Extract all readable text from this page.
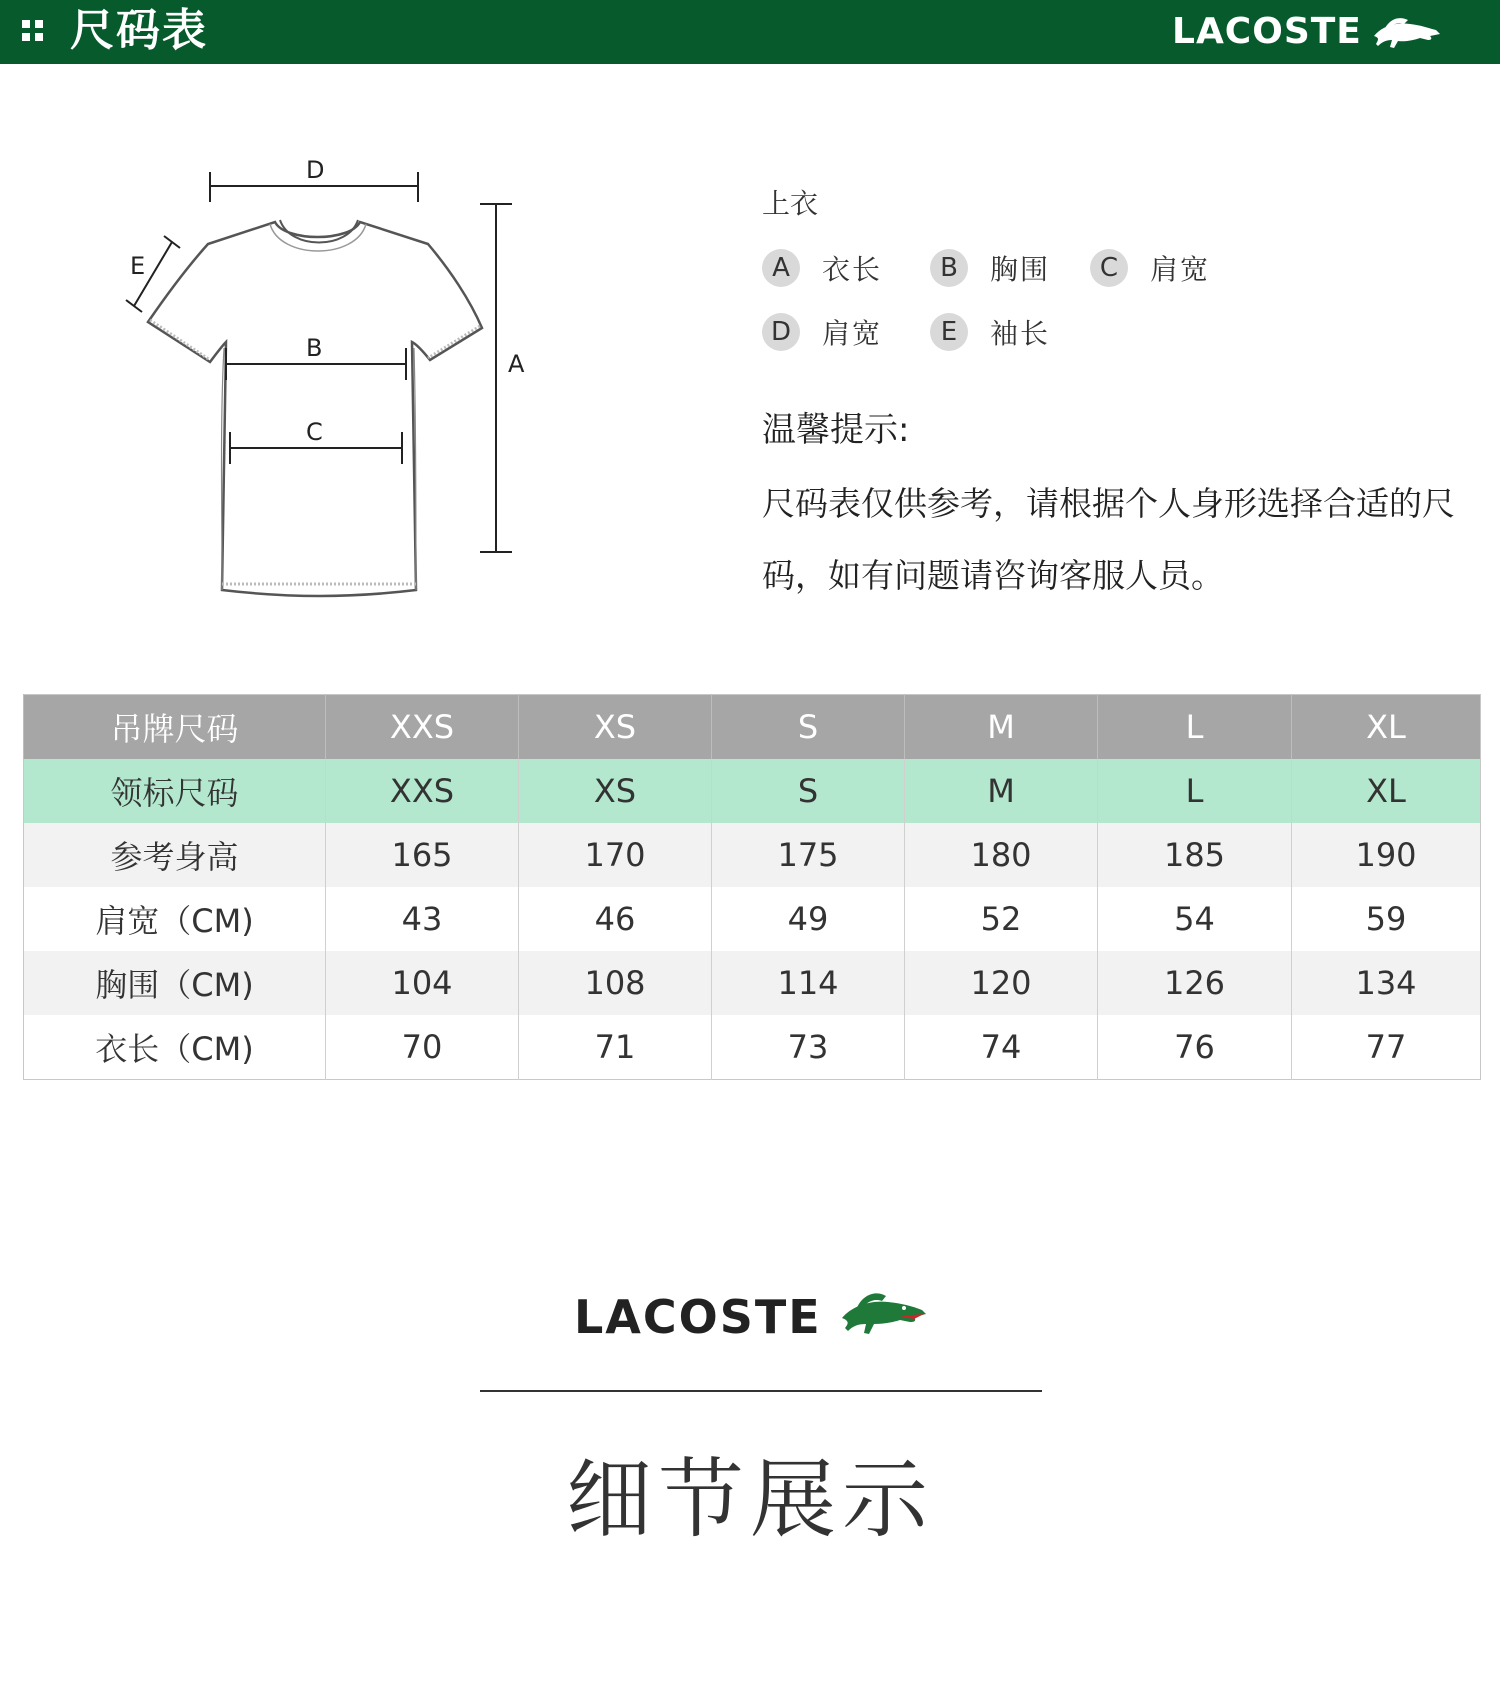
尺码表	LACOSTE
D
B
C
A
E
上衣
A	衣长	B	胸围	C	肩宽
D	肩宽	E	袖长
温馨提示:
尺码表仅供参考，请根据个人身形选择合适的尺码，如有问题请咨询客服人员。
吊牌尺码	XXS	XS	S	M	L	XL
领标尺码	XXS	XS	S	M	L	XL
参考身高	165	170	175	180	185	190
肩宽（CM)	43	46	49	52	54	59
胸围（CM)	104	108	114	120	126	134
衣长（CM)	70	71	73	74	76	77
LACOSTE
细节展示
